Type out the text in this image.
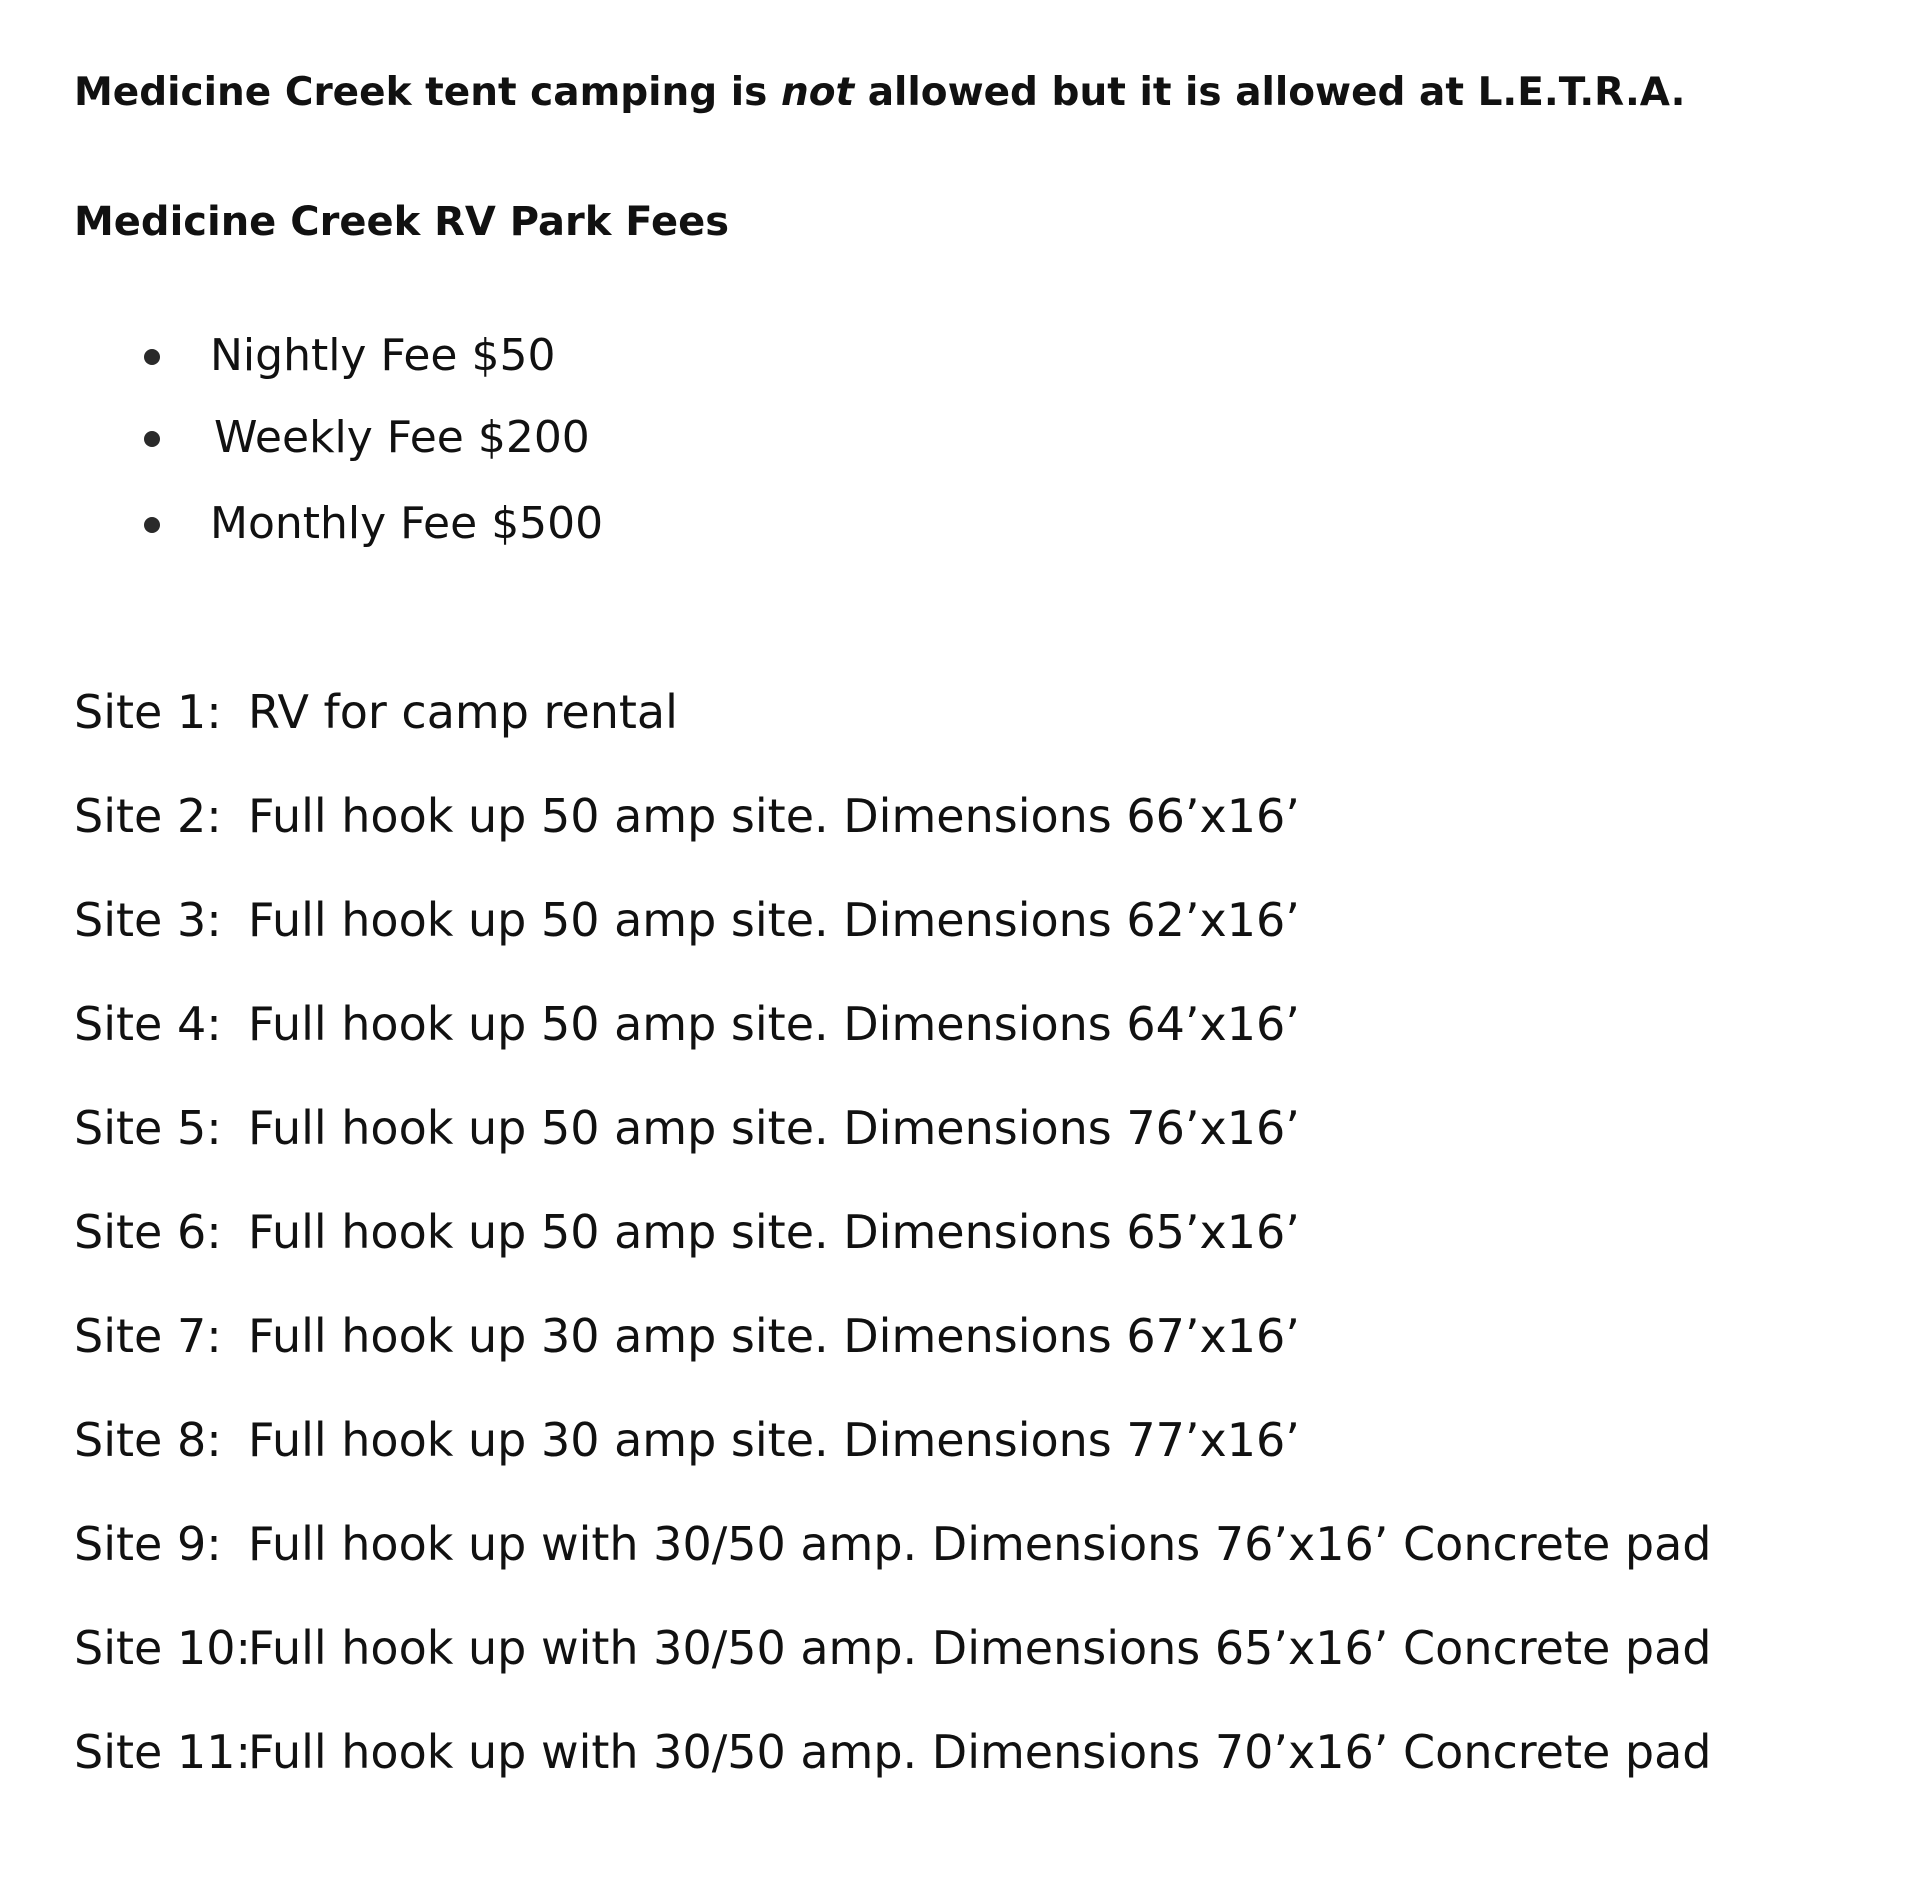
Medicine Creek tent camping is not allowed but it is allowed at L.E.T.R.A.
Medicine Creek RV Park Fees
Nightly Fee $50
Weekly Fee $200
Monthly Fee $500
Site 1: RV for camp rental
Site 2: Full hook up 50 amp site. Dimensions 66’x16’
Site 3: Full hook up 50 amp site. Dimensions 62’x16’
Site 4: Full hook up 50 amp site. Dimensions 64’x16’
Site 5: Full hook up 50 amp site. Dimensions 76’x16’
Site 6: Full hook up 50 amp site. Dimensions 65’x16’
Site 7: Full hook up 30 amp site. Dimensions 67’x16’
Site 8: Full hook up 30 amp site. Dimensions 77’x16’
Site 9: Full hook up with 30/50 amp. Dimensions 76’x16’ Concrete pad
Site 10:
Full hook up with 30/50 amp. Dimensions 65’x16’ Concrete pad
Site 11:
Full hook up with 30/50 amp. Dimensions 70’x16’ Concrete pad
